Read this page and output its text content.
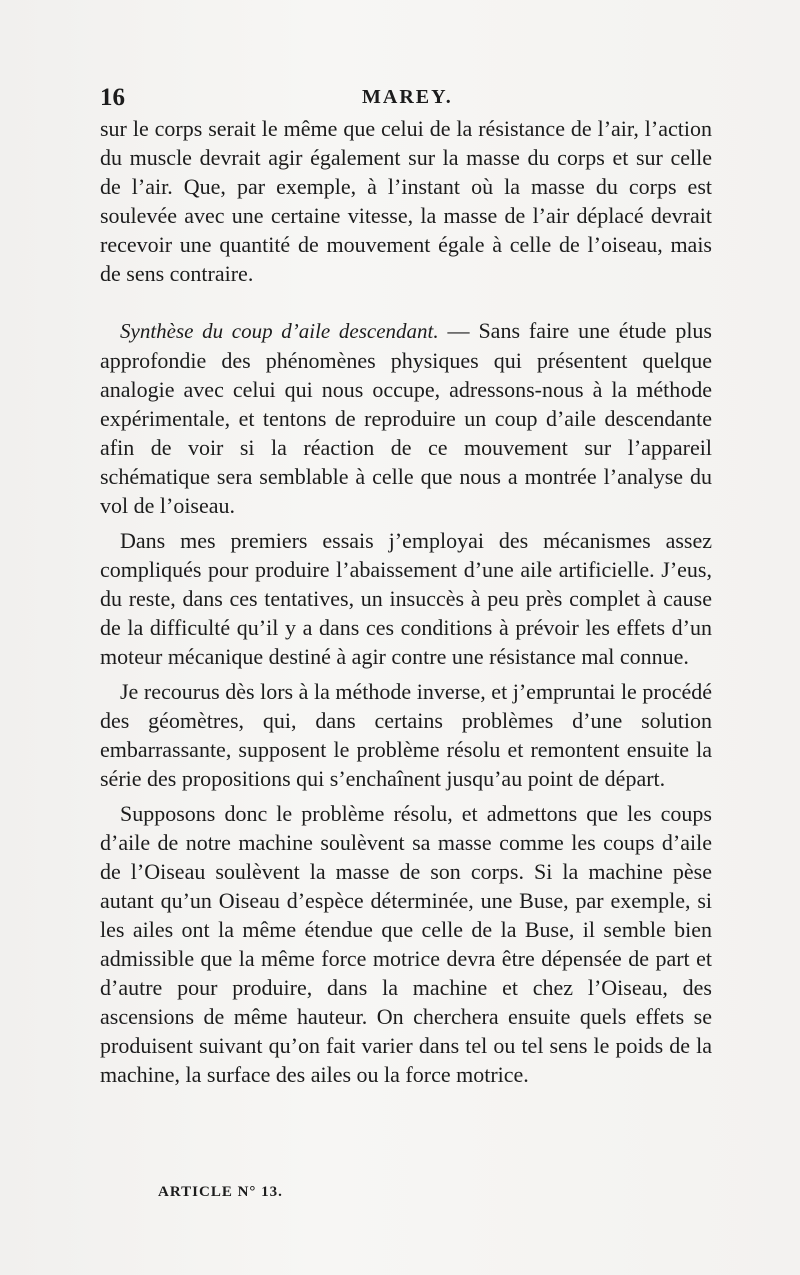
16	MAREY.

sur le corps serait le même que celui de la résistance de l’air, l’action du muscle devrait agir également sur la masse du corps et sur celle de l’air. Que, par exemple, à l’instant où la masse du corps est soulevée avec une certaine vitesse, la masse de l’air déplacé devrait recevoir une quantité de mouvement égale à celle de l’oiseau, mais de sens contraire.

Synthèse du coup d’aile descendant. — Sans faire une étude plus approfondie des phénomènes physiques qui présentent quelque analogie avec celui qui nous occupe, adressons-nous à la méthode expérimentale, et tentons de reproduire un coup d’aile descendante afin de voir si la réaction de ce mouvement sur l’appareil schématique sera semblable à celle que nous a montrée l’analyse du vol de l’oiseau.

Dans mes premiers essais j’employai des mécanismes assez compliqués pour produire l’abaissement d’une aile artificielle. J’eus, du reste, dans ces tentatives, un insuccès à peu près complet à cause de la difficulté qu’il y a dans ces conditions à prévoir les effets d’un moteur mécanique destiné à agir contre une résistance mal connue.

Je recourus dès lors à la méthode inverse, et j’empruntai le procédé des géomètres, qui, dans certains problèmes d’une solution embarrassante, supposent le problème résolu et remontent ensuite la série des propositions qui s’enchaînent jusqu’au point de départ.

Supposons donc le problème résolu, et admettons que les coups d’aile de notre machine soulèvent sa masse comme les coups d’aile de l’Oiseau soulèvent la masse de son corps. Si la machine pèse autant qu’un Oiseau d’espèce déterminée, une Buse, par exemple, si les ailes ont la même étendue que celle de la Buse, il semble bien admissible que la même force motrice devra être dépensée de part et d’autre pour produire, dans la machine et chez l’Oiseau, des ascensions de même hauteur. On cherchera ensuite quels effets se produisent suivant qu’on fait varier dans tel ou tel sens le poids de la machine, la surface des ailes ou la force motrice.

ARTICLE N° 13.
